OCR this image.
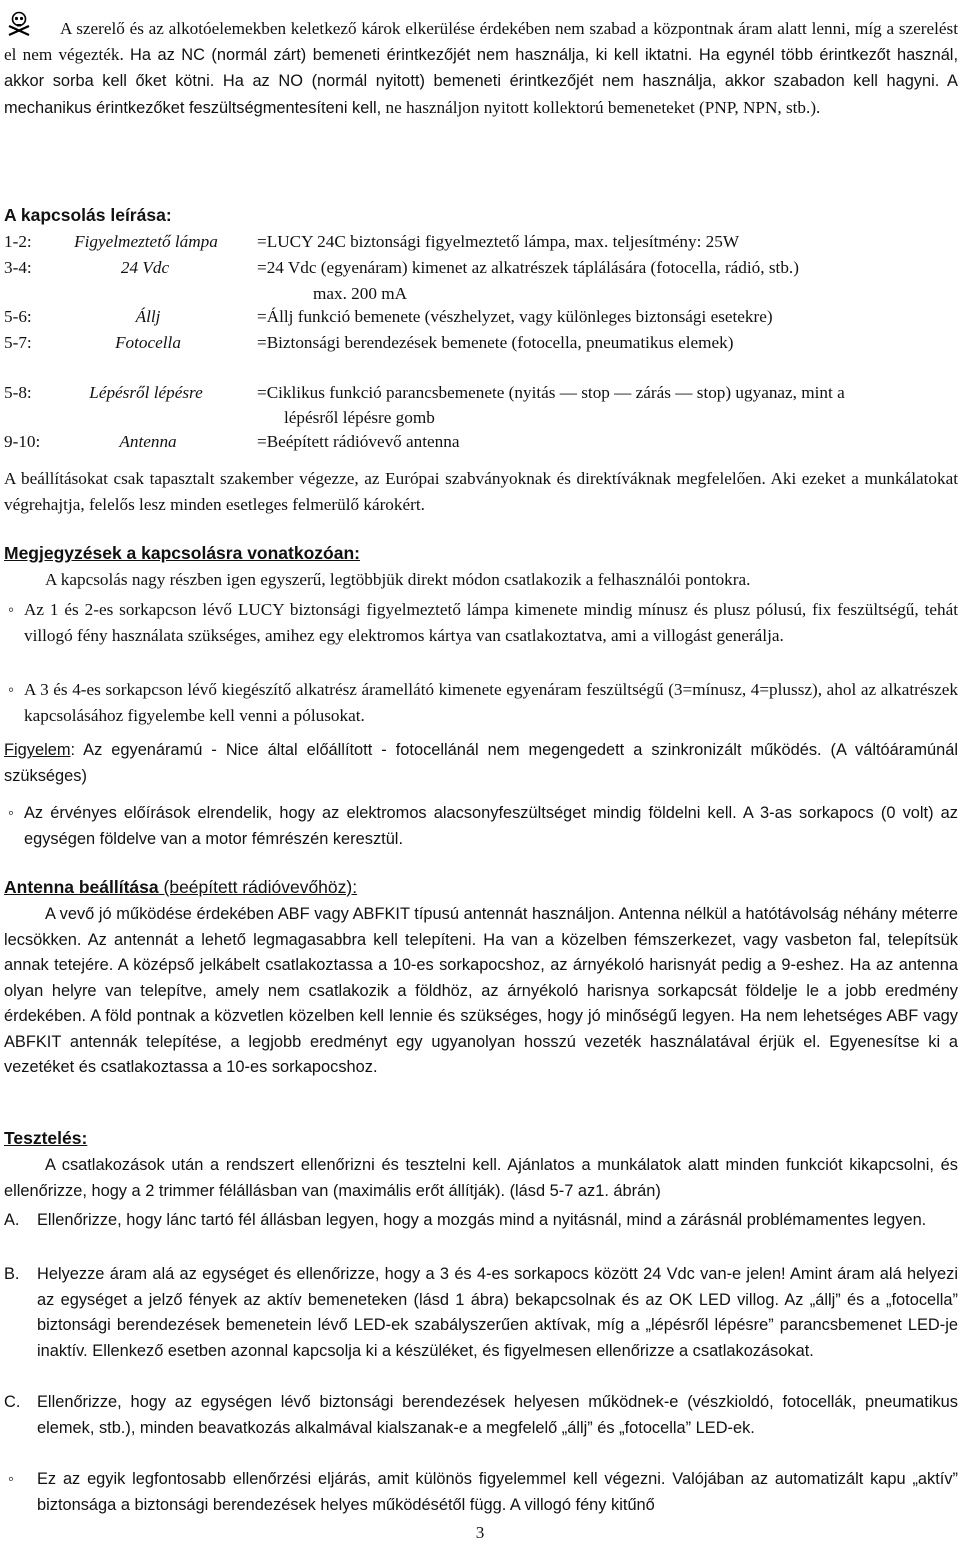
A szerelő és az alkotóelemekben keletkező károk elkerülése érdekében nem szabad a központnak áram alatt lenni, míg a szerelést el nem végezték. Ha az NC (normál zárt) bemeneti érintkezőjét nem használja, ki kell iktatni. Ha egynél több érintkezőt használ, akkor sorba kell őket kötni. Ha az NO (normál nyitott) bemeneti érintkezőjét nem használja, akkor szabadon kell hagyni. A mechanikus érintkezőket feszültségmentesíteni kell, ne használjon nyitott kollektorú bemeneteket (PNP, NPN, stb.).

A kapcsolás leírása:
1-2:	Figyelmeztető lámpa	=LUCY 24C biztonsági figyelmeztető lámpa, max. teljesítmény: 25W
3-4:	24 Vdc	=24 Vdc (egyenáram) kimenet az alkatrészek táplálására (fotocella, rádió, stb.)
max. 200 mA
5-6:	Állj	=Állj funkció bemenete (vészhelyzet, vagy különleges biztonsági esetekre)
5-7:	Fotocella	=Biztonsági berendezések bemenete (fotocella, pneumatikus elemek)
5-8:	Lépésről lépésre	=Ciklikus funkció parancsbemenete (nyitás — stop — zárás — stop) ugyanaz, mint a
lépésről lépésre gomb
9-10:	Antenna	=Beépített rádióvevő antenna

A beállításokat csak tapasztalt szakember végezze, az Európai szabványoknak és direktíváknak megfelelően. Aki ezeket a munkálatokat végrehajtja, felelős lesz minden esetleges felmerülő károkért.

Megjegyzések a kapcsolásra vonatkozóan:

A kapcsolás nagy részben igen egyszerű, legtöbbjük direkt módon csatlakozik a felhasználói pontokra.

◦ Az 1 és 2-es sorkapcson lévő LUCY biztonsági figyelmeztető lámpa kimenete mindig mínusz és plusz pólusú, fix feszültségű, tehát villogó fény használata szükséges, amihez egy elektromos kártya van csatlakoztatva, ami a villogást generálja.
◦ A 3 és 4-es sorkapcson lévő kiegészítő alkatrész áramellátó kimenete egyenáram feszültségű (3=mínusz, 4=plussz), ahol az alkatrészek kapcsolásához figyelembe kell venni a pólusokat.

Figyelem: Az egyenáramú - Nice által előállított - fotocellánál nem megengedett a szinkronizált működés. (A váltóáramúnál szükséges)

◦ Az érvényes előírások elrendelik, hogy az elektromos alacsonyfeszültséget mindig földelni kell. A 3-as sorkapocs (0 volt) az egységen földelve van a motor fémrészén keresztül.
Antenna beállítása (beépített rádióvevőhöz):

A vevő jó működése érdekében ABF vagy ABFKIT típusú antennát használjon. Antenna nélkül a hatótávolság néhány méterre lecsökken. Az antennát a lehető legmagasabbra kell telepíteni. Ha van a közelben fémszerkezet, vagy vasbeton fal, telepítsük annak tetejére. A középső jelkábelt csatlakoztassa a 10-es sorkapocshoz, az árnyékoló harisnyát pedig a 9-eshez. Ha az antenna olyan helyre van telepítve, amely nem csatlakozik a földhöz, az árnyékoló harisnya sorkapcsát földelje le a jobb eredmény érdekében. A föld pontnak a közvetlen közelben kell lennie és szükséges, hogy jó minőségű legyen. Ha nem lehetséges ABF vagy ABFKIT antennák telepítése, a legjobb eredményt egy ugyanolyan hosszú vezeték használatával érjük el. Egyenesítse ki a vezetéket és csatlakoztassa a 10-es sorkapocshoz.

Tesztelés:

A csatlakozások után a rendszert ellenőrizni és tesztelni kell. Ajánlatos a munkálatok alatt minden funkciót kikapcsolni, és ellenőrizze, hogy a 2 trimmer félállásban van (maximális erőt állítják). (lásd 5-7 az1. ábrán)

A. Ellenőrizze, hogy lánc tartó fél állásban legyen, hogy a mozgás mind a nyitásnál, mind a zárásnál problémamentes legyen.
B. Helyezze áram alá az egységet és ellenőrizze, hogy a 3 és 4-es sorkapocs között 24 Vdc van-e jelen! Amint áram alá helyezi az egységet a jelző fények az aktív bemeneteken (lásd 1 ábra) bekapcsolnak és az OK LED villog. Az „állj” és a „fotocella” biztonsági berendezések bemenetein lévő LED-ek szabályszerűen aktívak, míg a „lépésről lépésre” parancsbemenet LED-je inaktív. Ellenkező esetben azonnal kapcsolja ki a készüléket, és figyelmesen ellenőrizze a csatlakozásokat.
C. Ellenőrizze, hogy az egységen lévő biztonsági berendezések helyesen működnek-e (vészkioldó, fotocellák, pneumatikus elemek, stb.), minden beavatkozás alkalmával kialszanak-e a megfelelő „állj” és „fotocella” LED-ek.
◦ Ez az egyik legfontosabb ellenőrzési eljárás, amit különös figyelemmel kell végezni. Valójában az automatizált kapu „aktív” biztonsága a biztonsági berendezések helyes működésétől függ. A villogó fény kitűnő
3
